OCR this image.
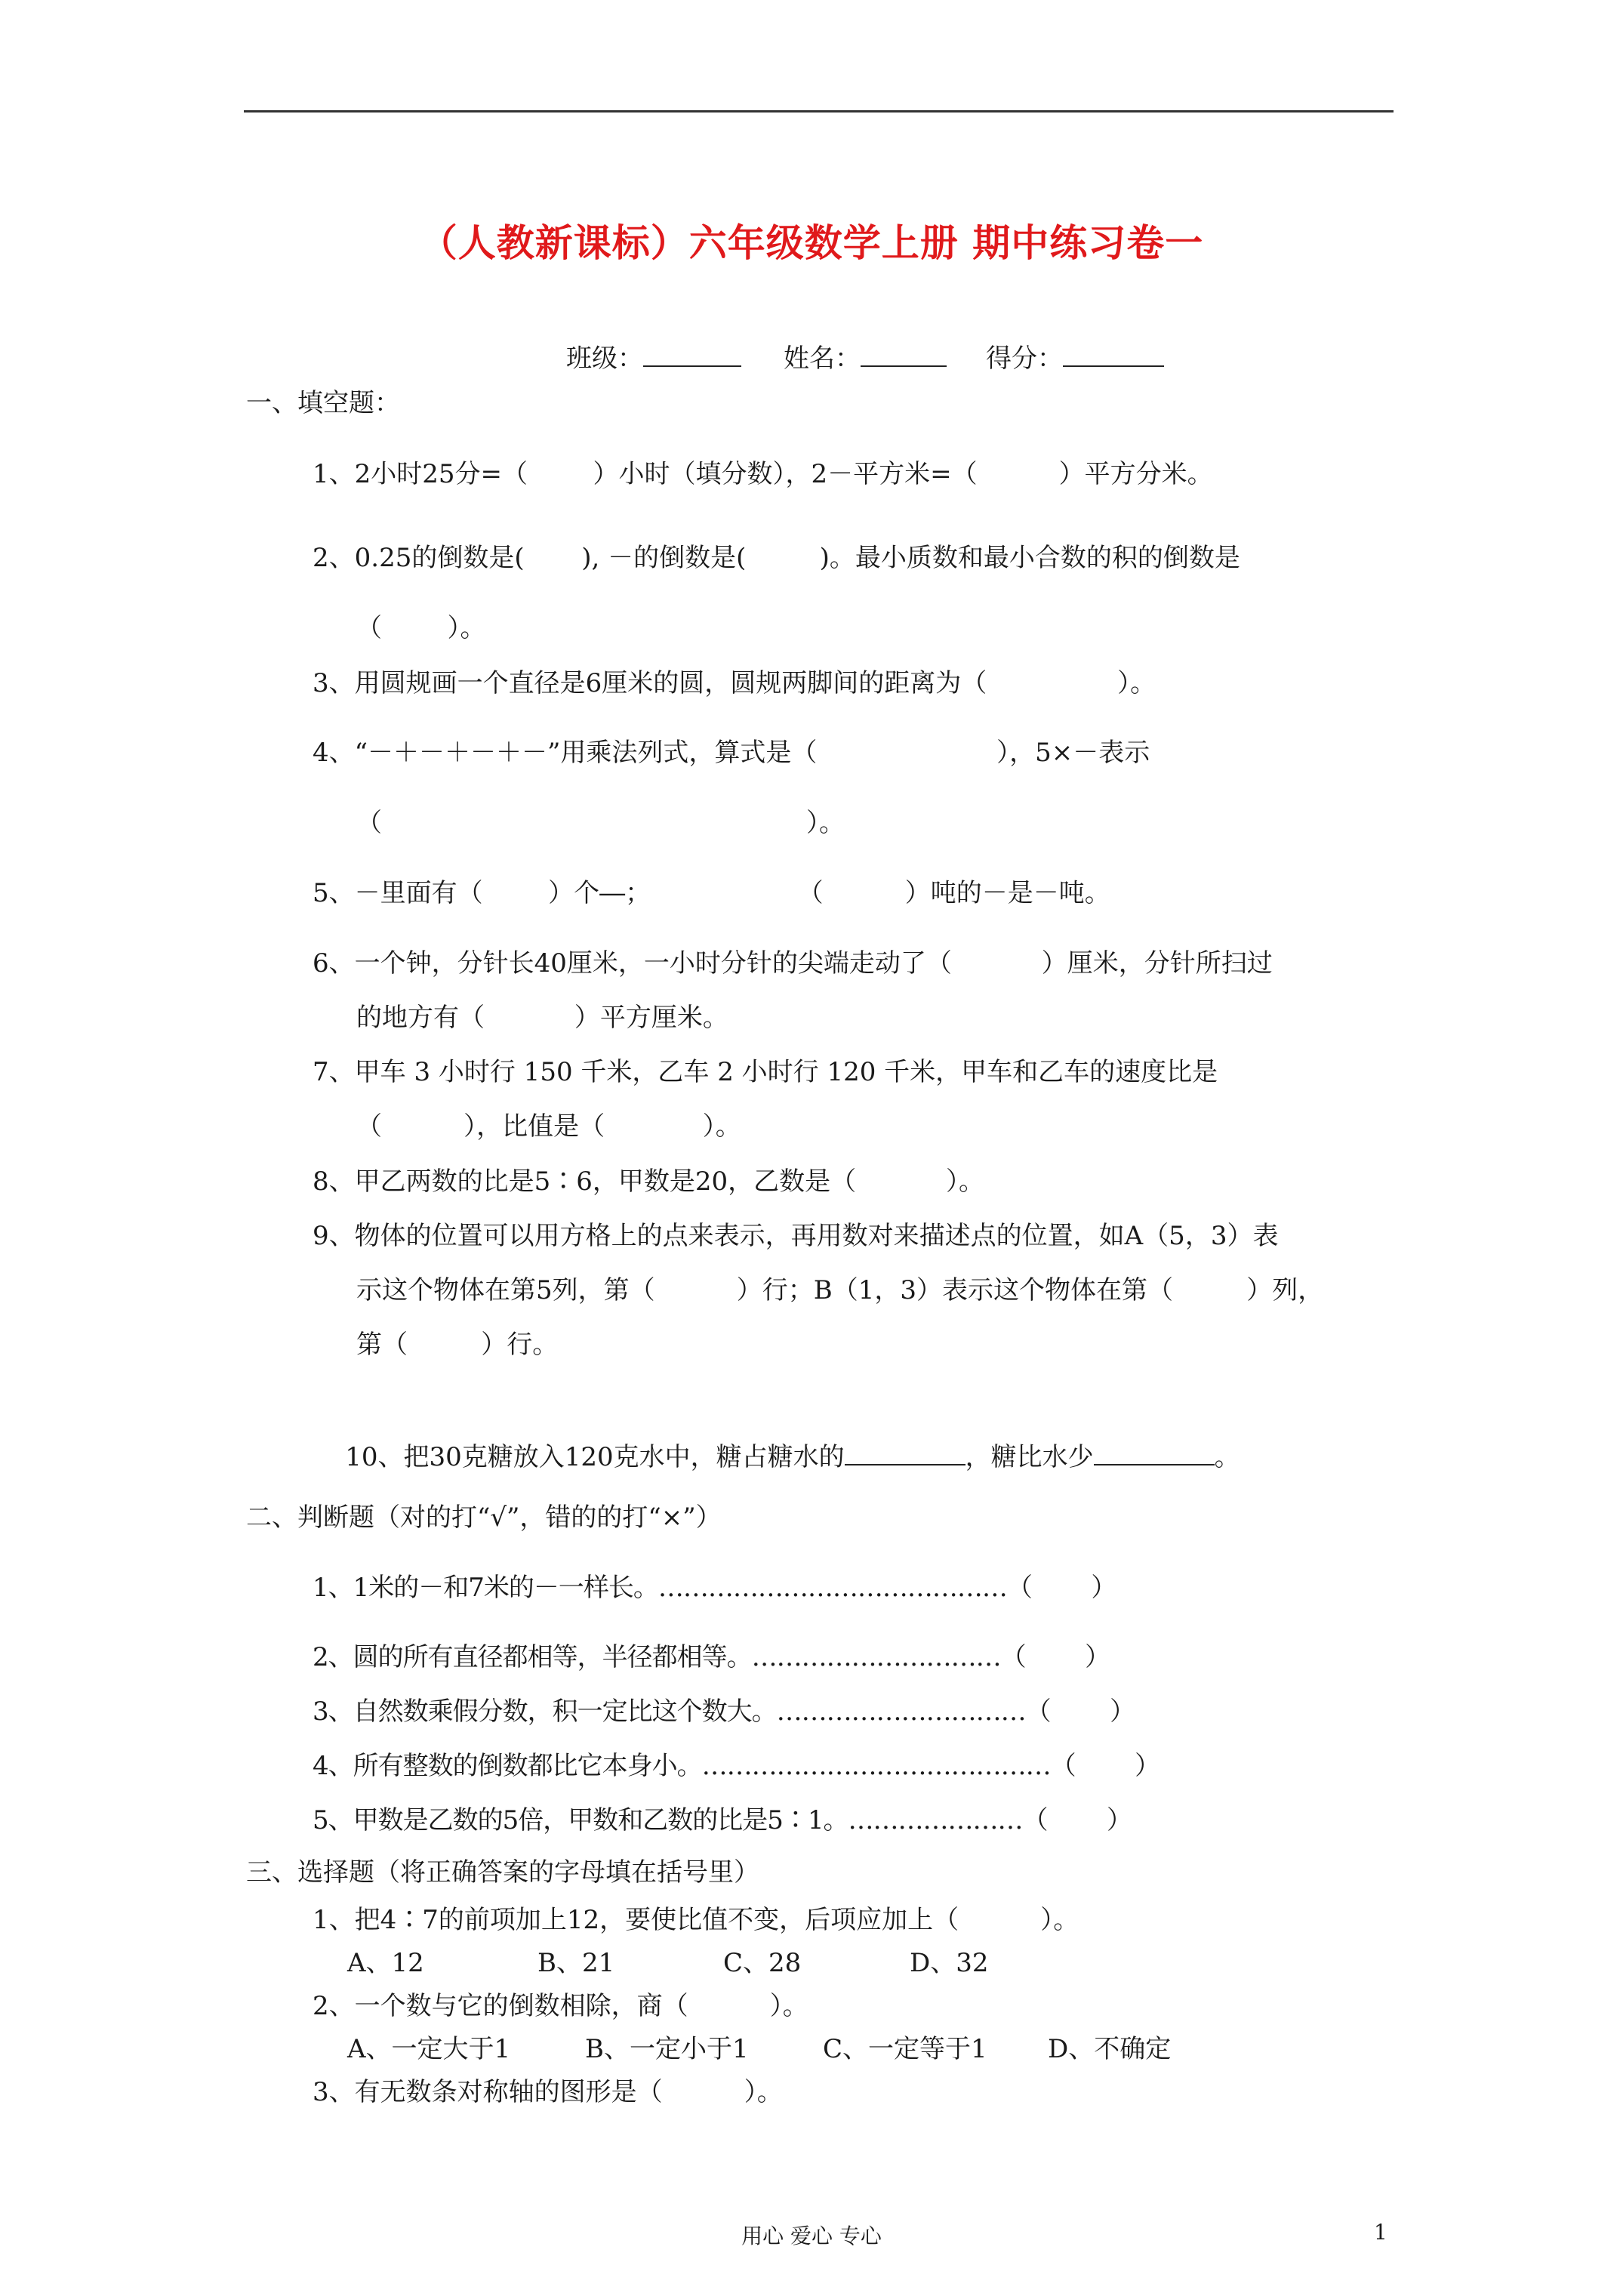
（人教新课标）六年级数学上册 期中练习卷一
班级：	姓名：	得分：
一、填空题：
1、2小时25分=（        ）小时（填分数），2－平方米=（          ）平方分米。
2、0.25的倒数是(       ), －的倒数是(         )。最小质数和最小合数的积的倒数是
（        ）。
3、用圆规画一个直径是6厘米的圆，圆规两脚间的距离为（                ）。
4、“－＋－＋－＋－”用乘法列式，算式是（                      ），5×－表示
（                                                    ）。
5、－里面有（        ）个―；                  （          ）吨的－是－吨。
6、一个钟，分针长40厘米，一小时分针的尖端走动了（           ）厘米，分针所扫过
的地方有（           ）平方厘米。
7、甲车 3 小时行 150 千米，乙车 2 小时行 120 千米，甲车和乙车的速度比是
（          ），比值是（            ）。
8、甲乙两数的比是5∶6，甲数是20，乙数是（           ）。
9、物体的位置可以用方格上的点来表示，再用数对来描述点的位置，如A（5，3）表
示这个物体在第5列，第（          ）行；B（1，3）表示这个物体在第（         ）列，
第（         ）行。

10、把30克糖放入120克水中，糖占糖水的	，糖比水少	。

二、判断题（对的打“√”，错的的打“×”）
1、1米的－和7米的－一样长。……………………………………（        ）
2、圆的所有直径都相等，半径都相等。…………………………（        ）
3、自然数乘假分数，积一定比这个数大。…………………………（        ）
4、所有整数的倒数都比它本身小。……………………………………（        ）
5、甲数是乙数的5倍，甲数和乙数的比是5∶1。…………………（        ）
三、选择题（将正确答案的字母填在括号里）
1、把4∶7的前项加上12，要使比值不变，后项应加上（          ）。
A、12	B、21	C、28	D、32
2、一个数与它的倒数相除，商（          ）。
A、一定大于1	B、一定小于1	C、一定等于1 D、不确定
3、有无数条对称轴的图形是（          ）。
用心 爱心 专心	1
